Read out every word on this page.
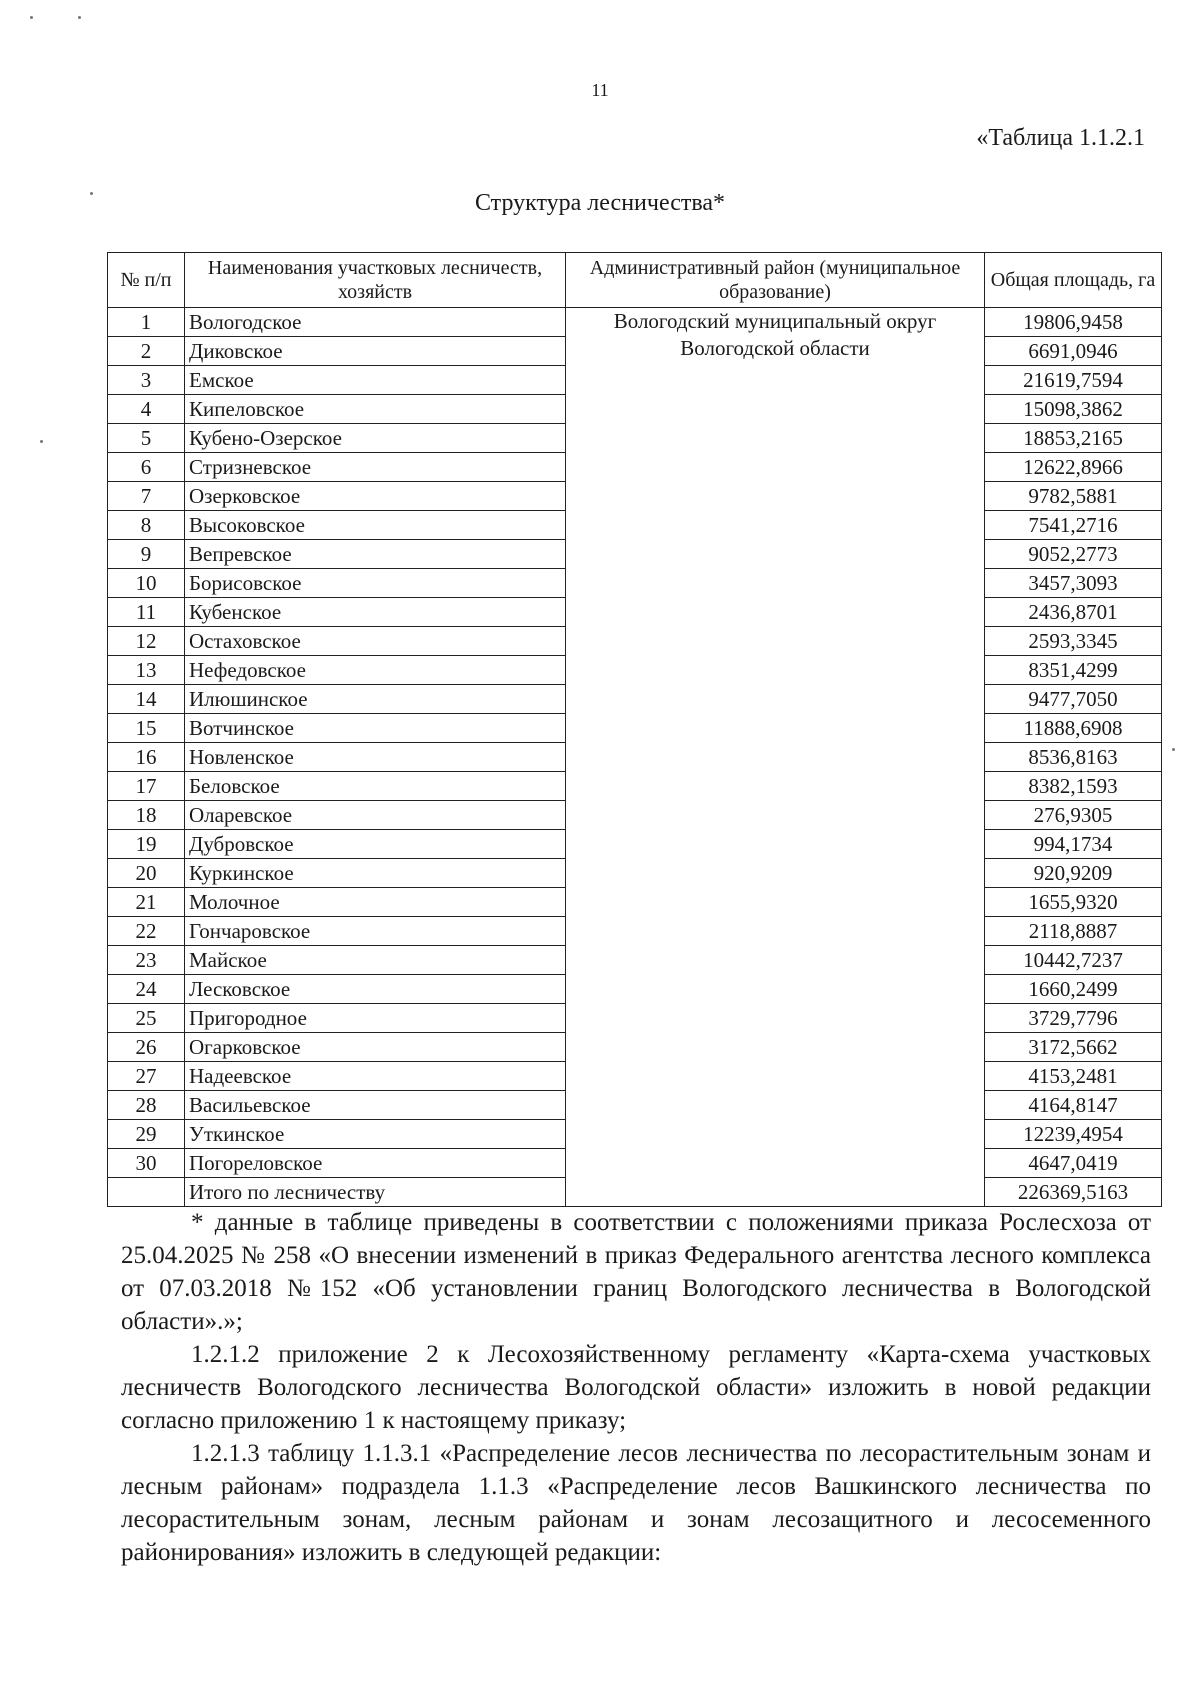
11
«Таблица 1.1.2.1
Структура лесничества*
№ п/п	Наименования участковых лесничеств, хозяйств	Административный район (муниципальное образование)	Общая площадь, га
1	Вологодское	Вологодский муниципальный округ Вологодской области	19806,9458
2	Диковское		6691,0946
3	Емское		21619,7594
4	Кипеловское		15098,3862
5	Кубено-Озерское		18853,2165
6	Стризневское		12622,8966
7	Озерковское		9782,5881
8	Высоковское		7541,2716
9	Вепревское		9052,2773
10	Борисовское		3457,3093
11	Кубенское		2436,8701
12	Остаховское		2593,3345
13	Нефедовское		8351,4299
14	Илюшинское		9477,7050
15	Вотчинское		11888,6908
16	Новленское		8536,8163
17	Беловское		8382,1593
18	Оларевское		276,9305
19	Дубровское		994,1734
20	Куркинское		920,9209
21	Молочное		1655,9320
22	Гончаровское		2118,8887
23	Майское		10442,7237
24	Лесковское		1660,2499
25	Пригородное		3729,7796
26	Огарковское		3172,5662
27	Надеевское		4153,2481
28	Васильевское		4164,8147
29	Уткинское		12239,4954
30	Погореловское		4647,0419
	Итого по лесничеству		226369,5163

* данные в таблице приведены в соответствии с положениями приказа Рослесхоза от 25.04.2025 № 258 «О внесении изменений в приказ Федерального агентства лесного комплекса от 07.03.2018 №152 «Об установлении границ Вологодского лесничества в Вологодской области».»;

1.2.1.2 приложение 2 к Лесохозяйственному регламенту «Карта-схема участковых лесничеств Вологодского лесничества Вологодской области» изложить в новой редакции согласно приложению 1 к настоящему приказу;

1.2.1.3 таблицу 1.1.3.1 «Распределение лесов лесничества по лесорастительным зонам и лесным районам» подраздела 1.1.3 «Распределение лесов Вашкинского лесничества по лесорастительным зонам, лесным районам и зонам лесозащитного и лесосеменного районирования» изложить в следующей редакции:
